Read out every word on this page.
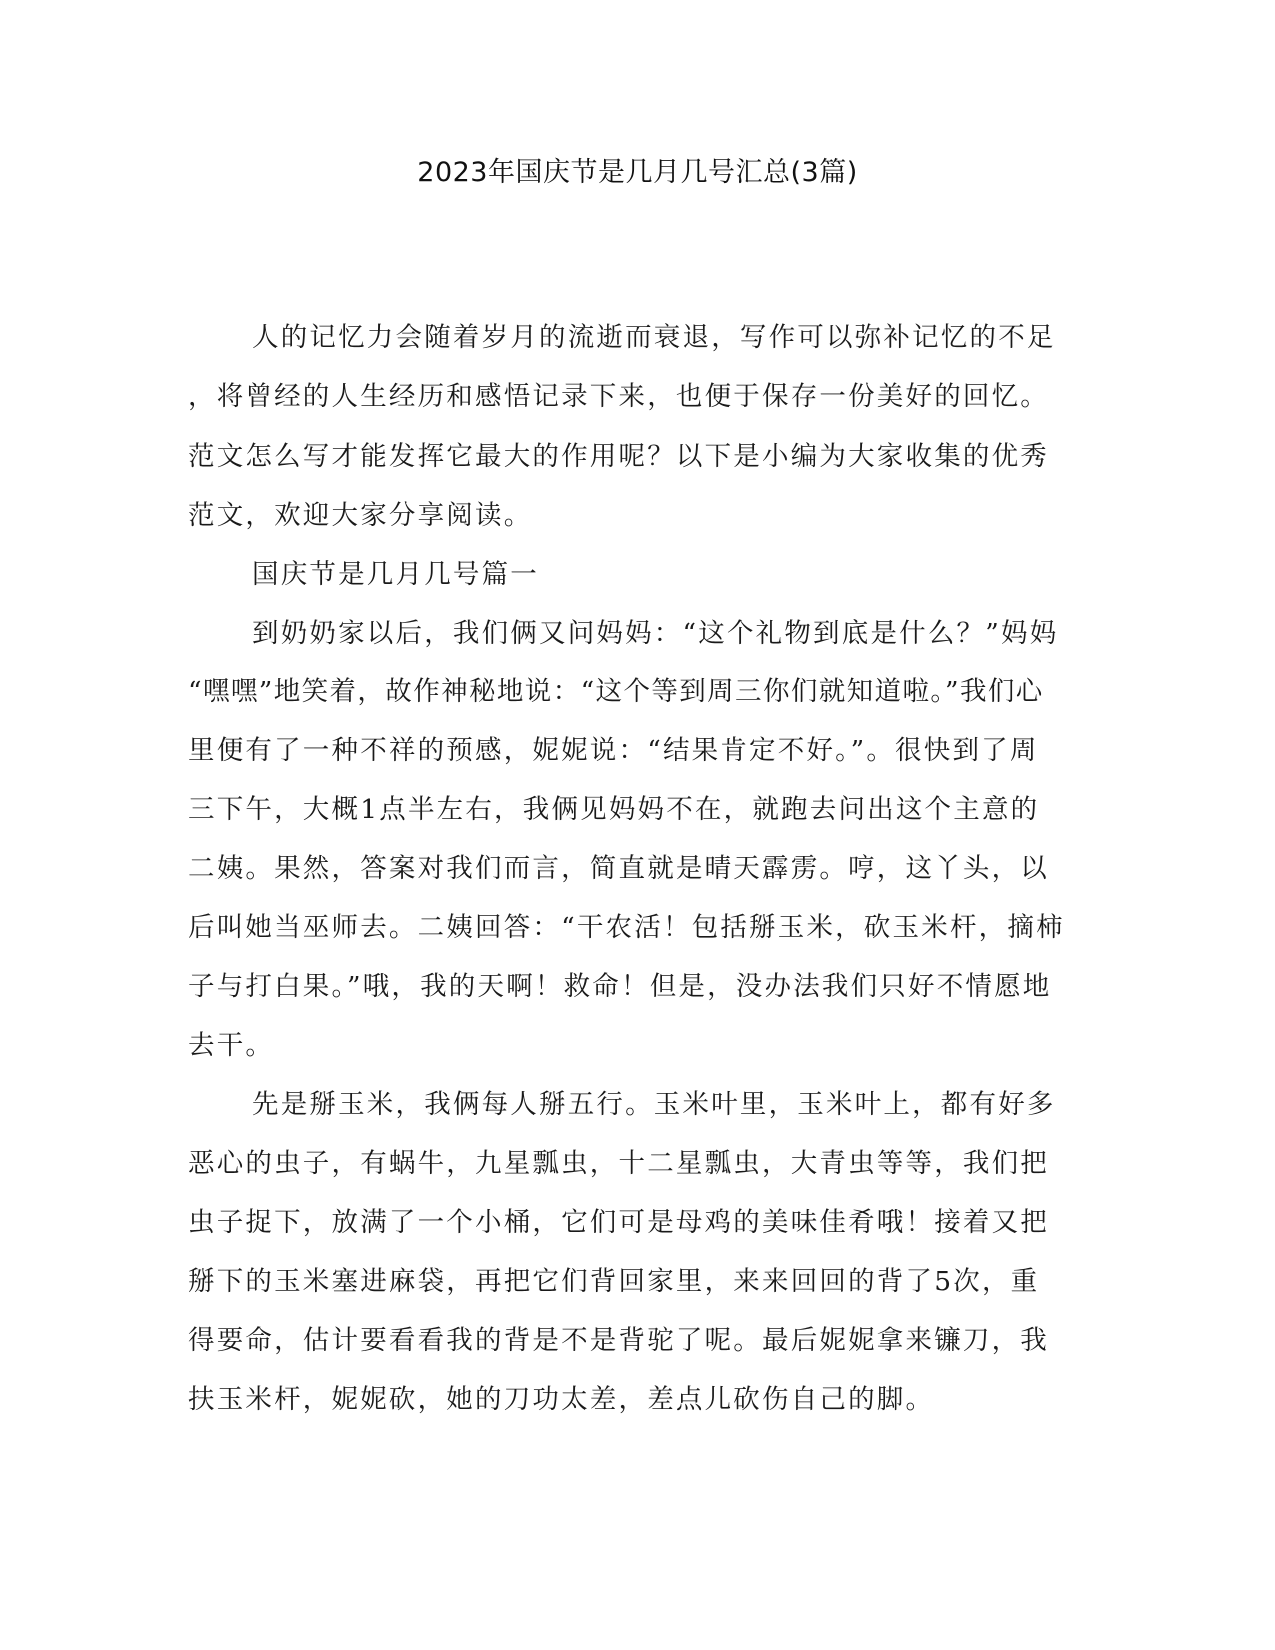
2023年国庆节是几月几号汇总(3篇)
人的记忆力会随着岁月的流逝而衰退，写作可以弥补记忆的不足
，将曾经的人生经历和感悟记录下来，也便于保存一份美好的回忆。
范文怎么写才能发挥它最大的作用呢？以下是小编为大家收集的优秀
范文，欢迎大家分享阅读。
国庆节是几月几号篇一
到奶奶家以后，我们俩又问妈妈：“这个礼物到底是什么？”妈妈
“嘿嘿”地笑着，故作神秘地说：“这个等到周三你们就知道啦。”我们心
里便有了一种不祥的预感，妮妮说：“结果肯定不好。”。很快到了周
三下午，大概1点半左右，我俩见妈妈不在，就跑去问出这个主意的
二姨。果然，答案对我们而言，简直就是晴天霹雳。哼，这丫头，以
后叫她当巫师去。二姨回答：“干农活！包括掰玉米，砍玉米杆，摘柿
子与打白果。”哦，我的天啊！救命！但是，没办法我们只好不情愿地
去干。
先是掰玉米，我俩每人掰五行。玉米叶里，玉米叶上，都有好多
恶心的虫子，有蜗牛，九星瓢虫，十二星瓢虫，大青虫等等，我们把
虫子捉下，放满了一个小桶，它们可是母鸡的美味佳肴哦！接着又把
掰下的玉米塞进麻袋，再把它们背回家里，来来回回的背了5次，重
得要命，估计要看看我的背是不是背驼了呢。最后妮妮拿来镰刀，我
扶玉米杆，妮妮砍，她的刀功太差，差点儿砍伤自己的脚。
